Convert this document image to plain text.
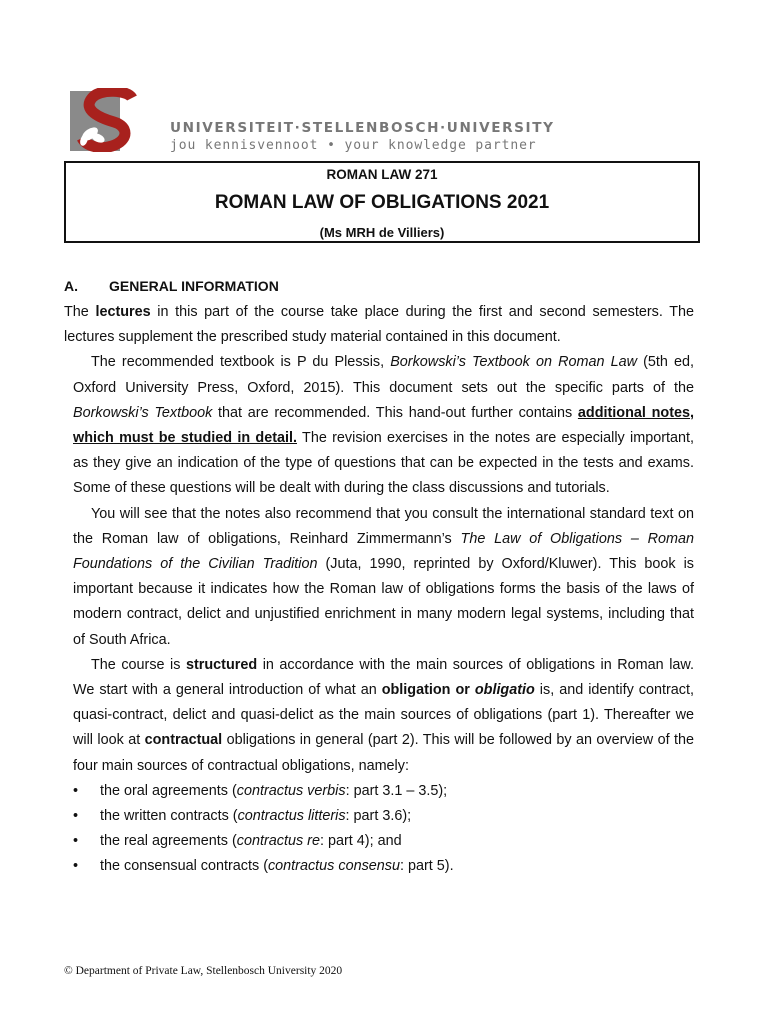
UNIVERSITEIT·STELLENBOSCH·UNIVERSITY
jou kennisvennoot • your knowledge partner
ROMAN LAW 271
ROMAN LAW OF OBLIGATIONS 2021
(Ms MRH de Villiers)
A. GENERAL INFORMATION

The lectures in this part of the course take place during the first and second semesters. The lectures supplement the prescribed study material contained in this document.

The recommended textbook is P du Plessis, Borkowski’s Textbook on Roman Law (5th ed, Oxford University Press, Oxford, 2015). This document sets out the specific parts of the Borkowski’s Textbook that are recommended. This hand-out further contains additional notes, which must be studied in detail. The revision exercises in the notes are especially important, as they give an indication of the type of questions that can be expected in the tests and exams. Some of these questions will be dealt with during the class discussions and tutorials.

You will see that the notes also recommend that you consult the international standard text on the Roman law of obligations, Reinhard Zimmermann’s The Law of Obligations – Roman Foundations of the Civilian Tradition (Juta, 1990, reprinted by Oxford/Kluwer). This book is important because it indicates how the Roman law of obligations forms the basis of the laws of modern contract, delict and unjustified enrichment in many modern legal systems, including that of South Africa.

The course is structured in accordance with the main sources of obligations in Roman law. We start with a general introduction of what an obligation or obligatio is, and identify contract, quasi-contract, delict and quasi-delict as the main sources of obligations (part 1). Thereafter we will look at contractual obligations in general (part 2). This will be followed by an overview of the four main sources of contractual obligations, namely:

• the oral agreements (contractus verbis: part 3.1 – 3.5);
• the written contracts (contractus litteris: part 3.6);
• the real agreements (contractus re: part 4); and
• the consensual contracts (contractus consensu: part 5).
© Department of Private Law, Stellenbosch University 2020
